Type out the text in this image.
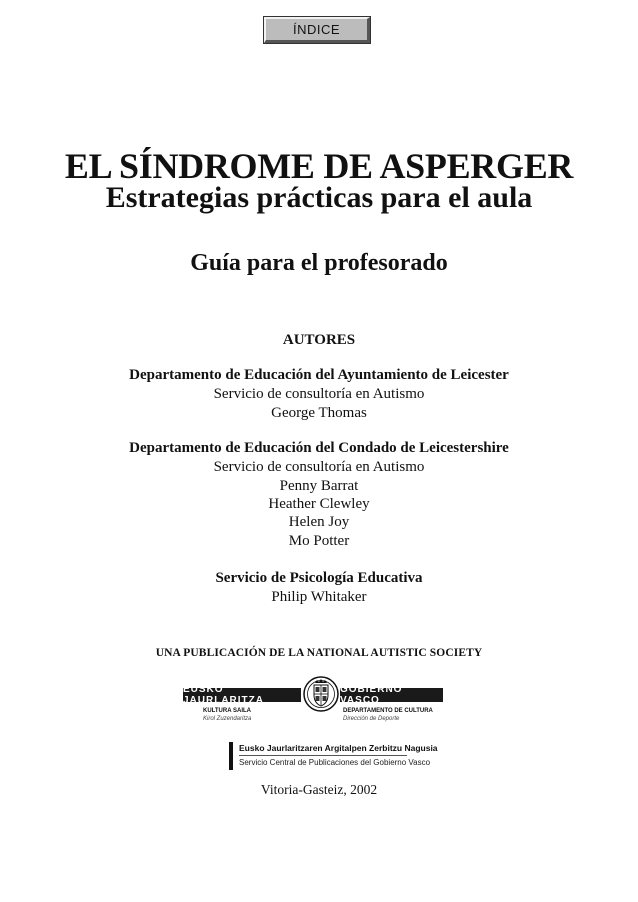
ÍNDICE
EL SÍNDROME DE ASPERGER
Estrategias prácticas para el aula
Guía para el profesorado
AUTORES
Departamento de Educación del Ayuntamiento de Leicester
Servicio de consultoría en Autismo
George Thomas
Departamento de Educación del Condado de Leicestershire
Servicio de consultoría en Autismo
Penny Barrat
Heather Clewley
Helen Joy
Mo Potter
Servicio de Psicología Educativa
Philip Whitaker
UNA PUBLICACIÓN DE LA NATIONAL AUTISTIC SOCIETY
EUSKO JAURLARITZA
GOBIERNO VASCO
KULTURA SAILA
Kirol Zuzendaritza
DEPARTAMENTO DE CULTURA
Dirección de Deporte
Eusko Jaurlaritzaren Argitalpen Zerbitzu Nagusia
Servicio Central de Publicaciones del Gobierno Vasco
Vitoria-Gasteiz, 2002
